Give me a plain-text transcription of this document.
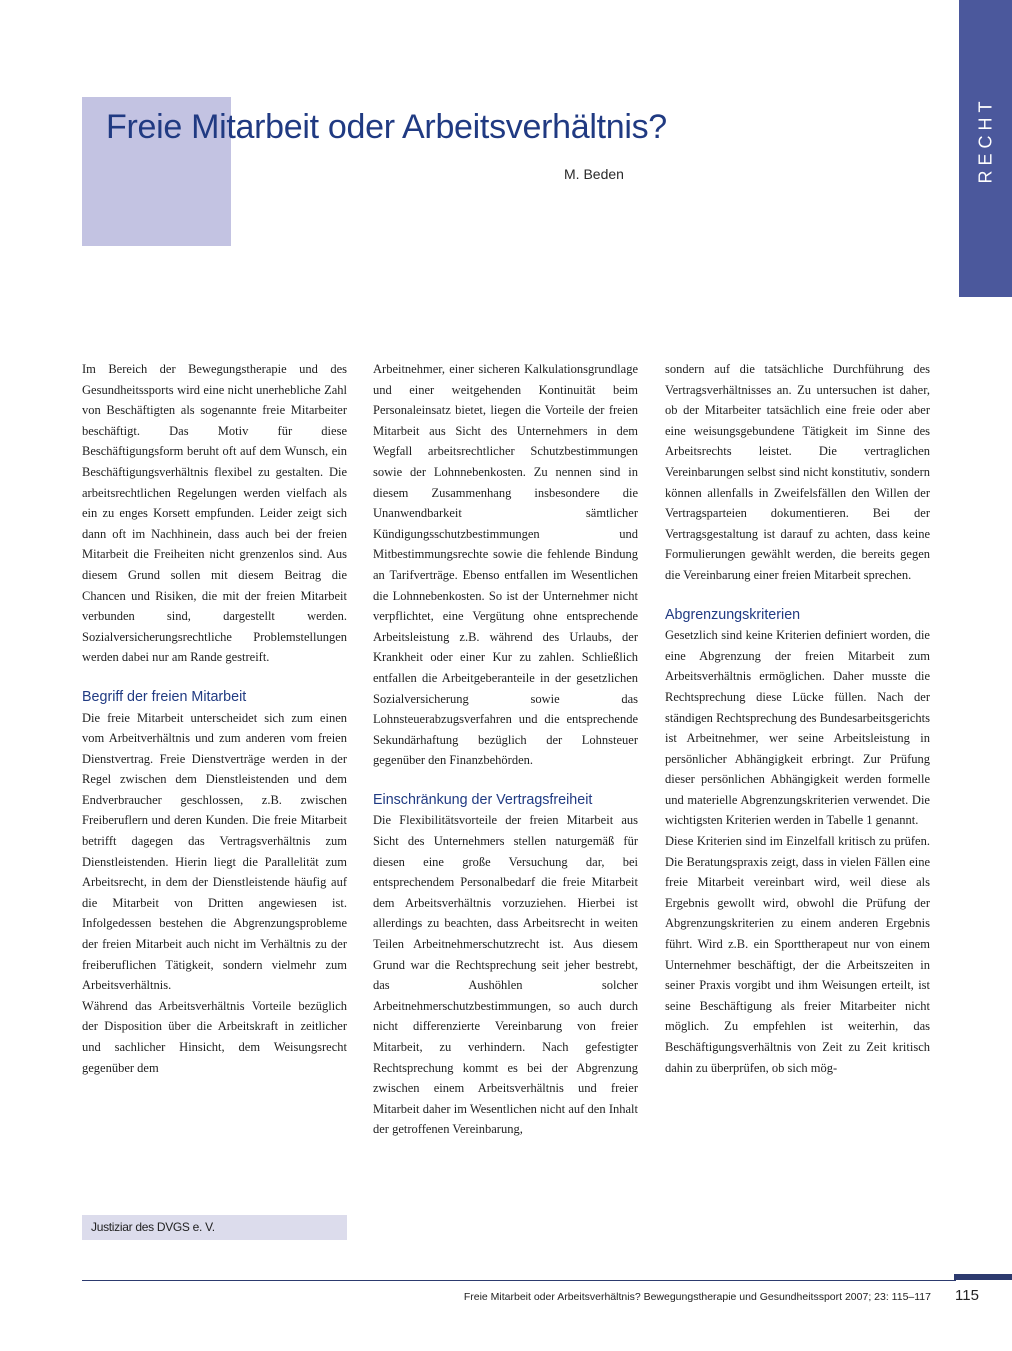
Freie Mitarbeit oder Arbeitsverhältnis?
M. Beden	RECHT

Im Bereich der Bewegungstherapie und des Gesundheitssports wird eine nicht unerhebliche Zahl von Beschäftigten als sogenannte freie Mitarbeiter beschäftigt. Das Motiv für diese Beschäftigungsform beruht oft auf dem Wunsch, ein Beschäftigungsverhältnis flexibel zu gestalten. Die arbeitsrechtlichen Regelungen werden vielfach als ein zu enges Korsett empfunden. Leider zeigt sich dann oft im Nachhinein, dass auch bei der freien Mitarbeit die Freiheiten nicht grenzenlos sind. Aus diesem Grund sollen mit diesem Beitrag die Chancen und Risiken, die mit der freien Mitarbeit verbunden sind, dargestellt werden. Sozialversicherungsrechtliche Problemstellungen werden dabei nur am Rande gestreift.

Begriff der freien Mitarbeit

Die freie Mitarbeit unterscheidet sich zum einen vom Arbeitverhältnis und zum anderen vom freien Dienstvertrag. Freie Dienstverträge werden in der Regel zwischen dem Dienstleistenden und dem Endverbraucher geschlossen, z.B. zwischen Freiberuflern und deren Kunden. Die freie Mitarbeit betrifft dagegen das Vertragsverhältnis zum Dienstleistenden. Hierin liegt die Parallelität zum Arbeitsrecht, in dem der Dienstleistende häufig auf die Mitarbeit von Dritten angewiesen ist. Infolgedessen bestehen die Abgrenzungsprobleme der freien Mitarbeit auch nicht im Verhältnis zu der freiberuflichen Tätigkeit, sondern vielmehr zum Arbeitsverhältnis.

Während das Arbeitsverhältnis Vorteile bezüglich der Disposition über die Arbeitskraft in zeitlicher und sachlicher Hinsicht, dem Weisungsrecht gegenüber dem

Arbeitnehmer, einer sicheren Kalkulationsgrundlage und einer weitgehenden Kontinuität beim Personaleinsatz bietet, liegen die Vorteile der freien Mitarbeit aus Sicht des Unternehmers in dem Wegfall arbeitsrechtlicher Schutzbestimmungen sowie der Lohnnebenkosten. Zu nennen sind in diesem Zusammenhang insbesondere die Unanwendbarkeit sämtlicher Kündigungsschutzbestimmungen und Mitbestimmungsrechte sowie die fehlende Bindung an Tarifverträge. Ebenso entfallen im Wesentlichen die Lohnnebenkosten. So ist der Unternehmer nicht verpflichtet, eine Vergütung ohne entsprechende Arbeitsleistung z.B. während des Urlaubs, der Krankheit oder einer Kur zu zahlen. Schließlich entfallen die Arbeitgeberanteile in der gesetzlichen Sozialversicherung sowie das Lohnsteuerabzugsverfahren und die entsprechende Sekundärhaftung bezüglich der Lohnsteuer gegenüber den Finanzbehörden.

Einschränkung der Vertragsfreiheit

Die Flexibilitätsvorteile der freien Mitarbeit aus Sicht des Unternehmers stellen naturgemäß für diesen eine große Versuchung dar, bei entsprechendem Personalbedarf die freie Mitarbeit dem Arbeitsverhältnis vorzuziehen. Hierbei ist allerdings zu beachten, dass Arbeitsrecht in weiten Teilen Arbeitnehmerschutzrecht ist. Aus diesem Grund war die Rechtsprechung seit jeher bestrebt, das Aushöhlen solcher Arbeitnehmerschutzbestimmungen, so auch durch nicht differenzierte Vereinbarung von freier Mitarbeit, zu verhindern. Nach gefestigter Rechtsprechung kommt es bei der Abgrenzung zwischen einem Arbeitsverhältnis und freier Mitarbeit daher im Wesentlichen nicht auf den Inhalt der getroffenen Vereinbarung,

sondern auf die tatsächliche Durchführung des Vertragsverhältnisses an. Zu untersuchen ist daher, ob der Mitarbeiter tatsächlich eine freie oder aber eine weisungsgebundene Tätigkeit im Sinne des Arbeitsrechts leistet. Die vertraglichen Vereinbarungen selbst sind nicht konstitutiv, sondern können allenfalls in Zweifelsfällen den Willen der Vertragsparteien dokumentieren. Bei der Vertragsgestaltung ist darauf zu achten, dass keine Formulierungen gewählt werden, die bereits gegen die Vereinbarung einer freien Mitarbeit sprechen.

Abgrenzungskriterien

Gesetzlich sind keine Kriterien definiert worden, die eine Abgrenzung der freien Mitarbeit zum Arbeitsverhältnis ermöglichen. Daher musste die Rechtsprechung diese Lücke füllen. Nach der ständigen Rechtsprechung des Bundesarbeitsgerichts ist Arbeitnehmer, wer seine Arbeitsleistung in persönlicher Abhängigkeit erbringt. Zur Prüfung dieser persönlichen Abhängigkeit werden formelle und materielle Abgrenzungskriterien verwendet. Die wichtigsten Kriterien werden in Tabelle 1 genannt.

Diese Kriterien sind im Einzelfall kritisch zu prüfen. Die Beratungspraxis zeigt, dass in vielen Fällen eine freie Mitarbeit vereinbart wird, weil diese als Ergebnis gewollt wird, obwohl die Prüfung der Abgrenzungskriterien zu einem anderen Ergebnis führt. Wird z.B. ein Sporttherapeut nur von einem Unternehmer beschäftigt, der die Arbeitszeiten in seiner Praxis vorgibt und ihm Weisungen erteilt, ist seine Beschäftigung als freier Mitarbeiter nicht möglich. Zu empfehlen ist weiterhin, das Beschäftigungsverhältnis von Zeit zu Zeit kritisch dahin zu überprüfen, ob sich mög-

Justiziar des DVGS e. V.
Freie Mitarbeit oder Arbeitsverhältnis? Bewegungstherapie und Gesundheitssport 2007; 23: 115–117 115
